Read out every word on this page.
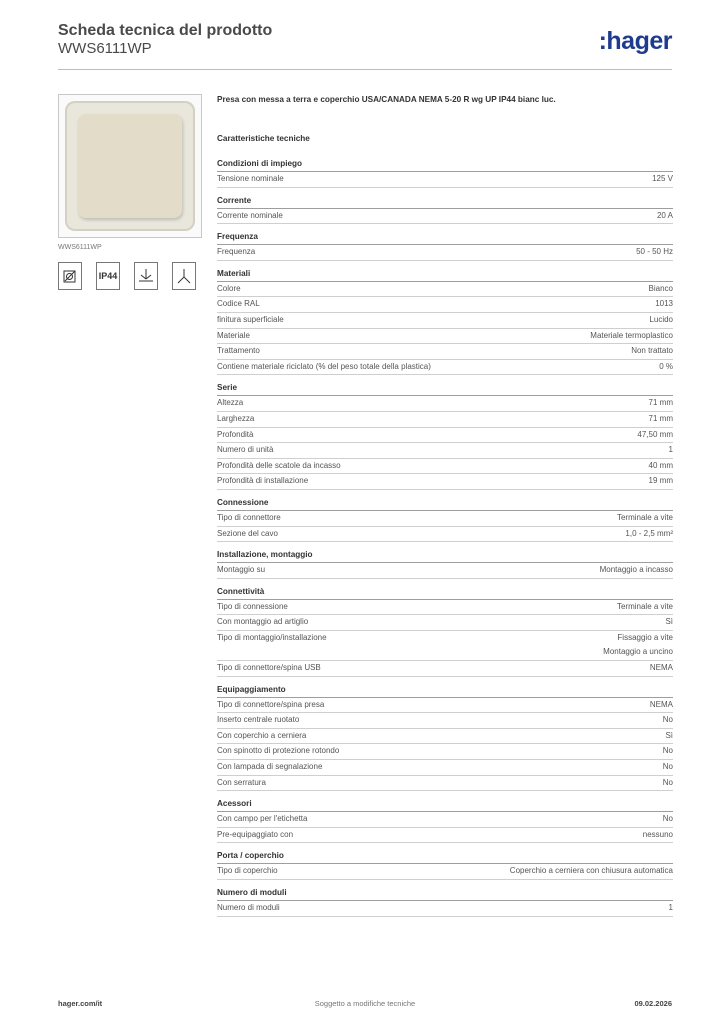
Scheda tecnica del prodotto
WWS6111WP	:hager
WWS6111WP
IP44
Presa con messa a terra e coperchio USA/CANADA NEMA 5-20 R wg UP IP44 bianc luc.
Caratteristiche tecniche
Condizioni di impiego
Tensione nominale	125 V
Corrente
Corrente nominale	20 A
Frequenza
Frequenza	50 - 50 Hz
Materiali
Colore	Bianco
Codice RAL	1013
finitura superficiale	Lucido
Materiale	Materiale termoplastico
Trattamento	Non trattato
Contiene materiale riciclato (% del peso totale della plastica)	0 %
Serie
Altezza	71 mm
Larghezza	71 mm
Profondità	47,50 mm
Numero di unità	1
Profondità delle scatole da incasso	40 mm
Profondità di installazione	19 mm
Connessione
Tipo di connettore	Terminale a vite
Sezione del cavo	1,0 - 2,5 mm²
Installazione, montaggio
Montaggio su	Montaggio a incasso
Connettività
Tipo di connessione	Terminale a vite
Con montaggio ad artiglio	Sì
Tipo di montaggio/installazione	Fissaggio a vite
Montaggio a uncino
Tipo di connettore/spina USB	NEMA
Equipaggiamento
Tipo di connettore/spina presa	NEMA
Inserto centrale ruotato	No
Con coperchio a cerniera	Sì
Con spinotto di protezione rotondo	No
Con lampada di segnalazione	No
Con serratura	No
Acessori
Con campo per l'etichetta	No
Pre-equipaggiato con	nessuno
Porta / coperchio
Tipo di coperchio	Coperchio a cerniera con chiusura automatica
Numero di moduli
Numero di moduli	1
hager.com/it	Soggetto a modifiche tecniche	09.02.2026
